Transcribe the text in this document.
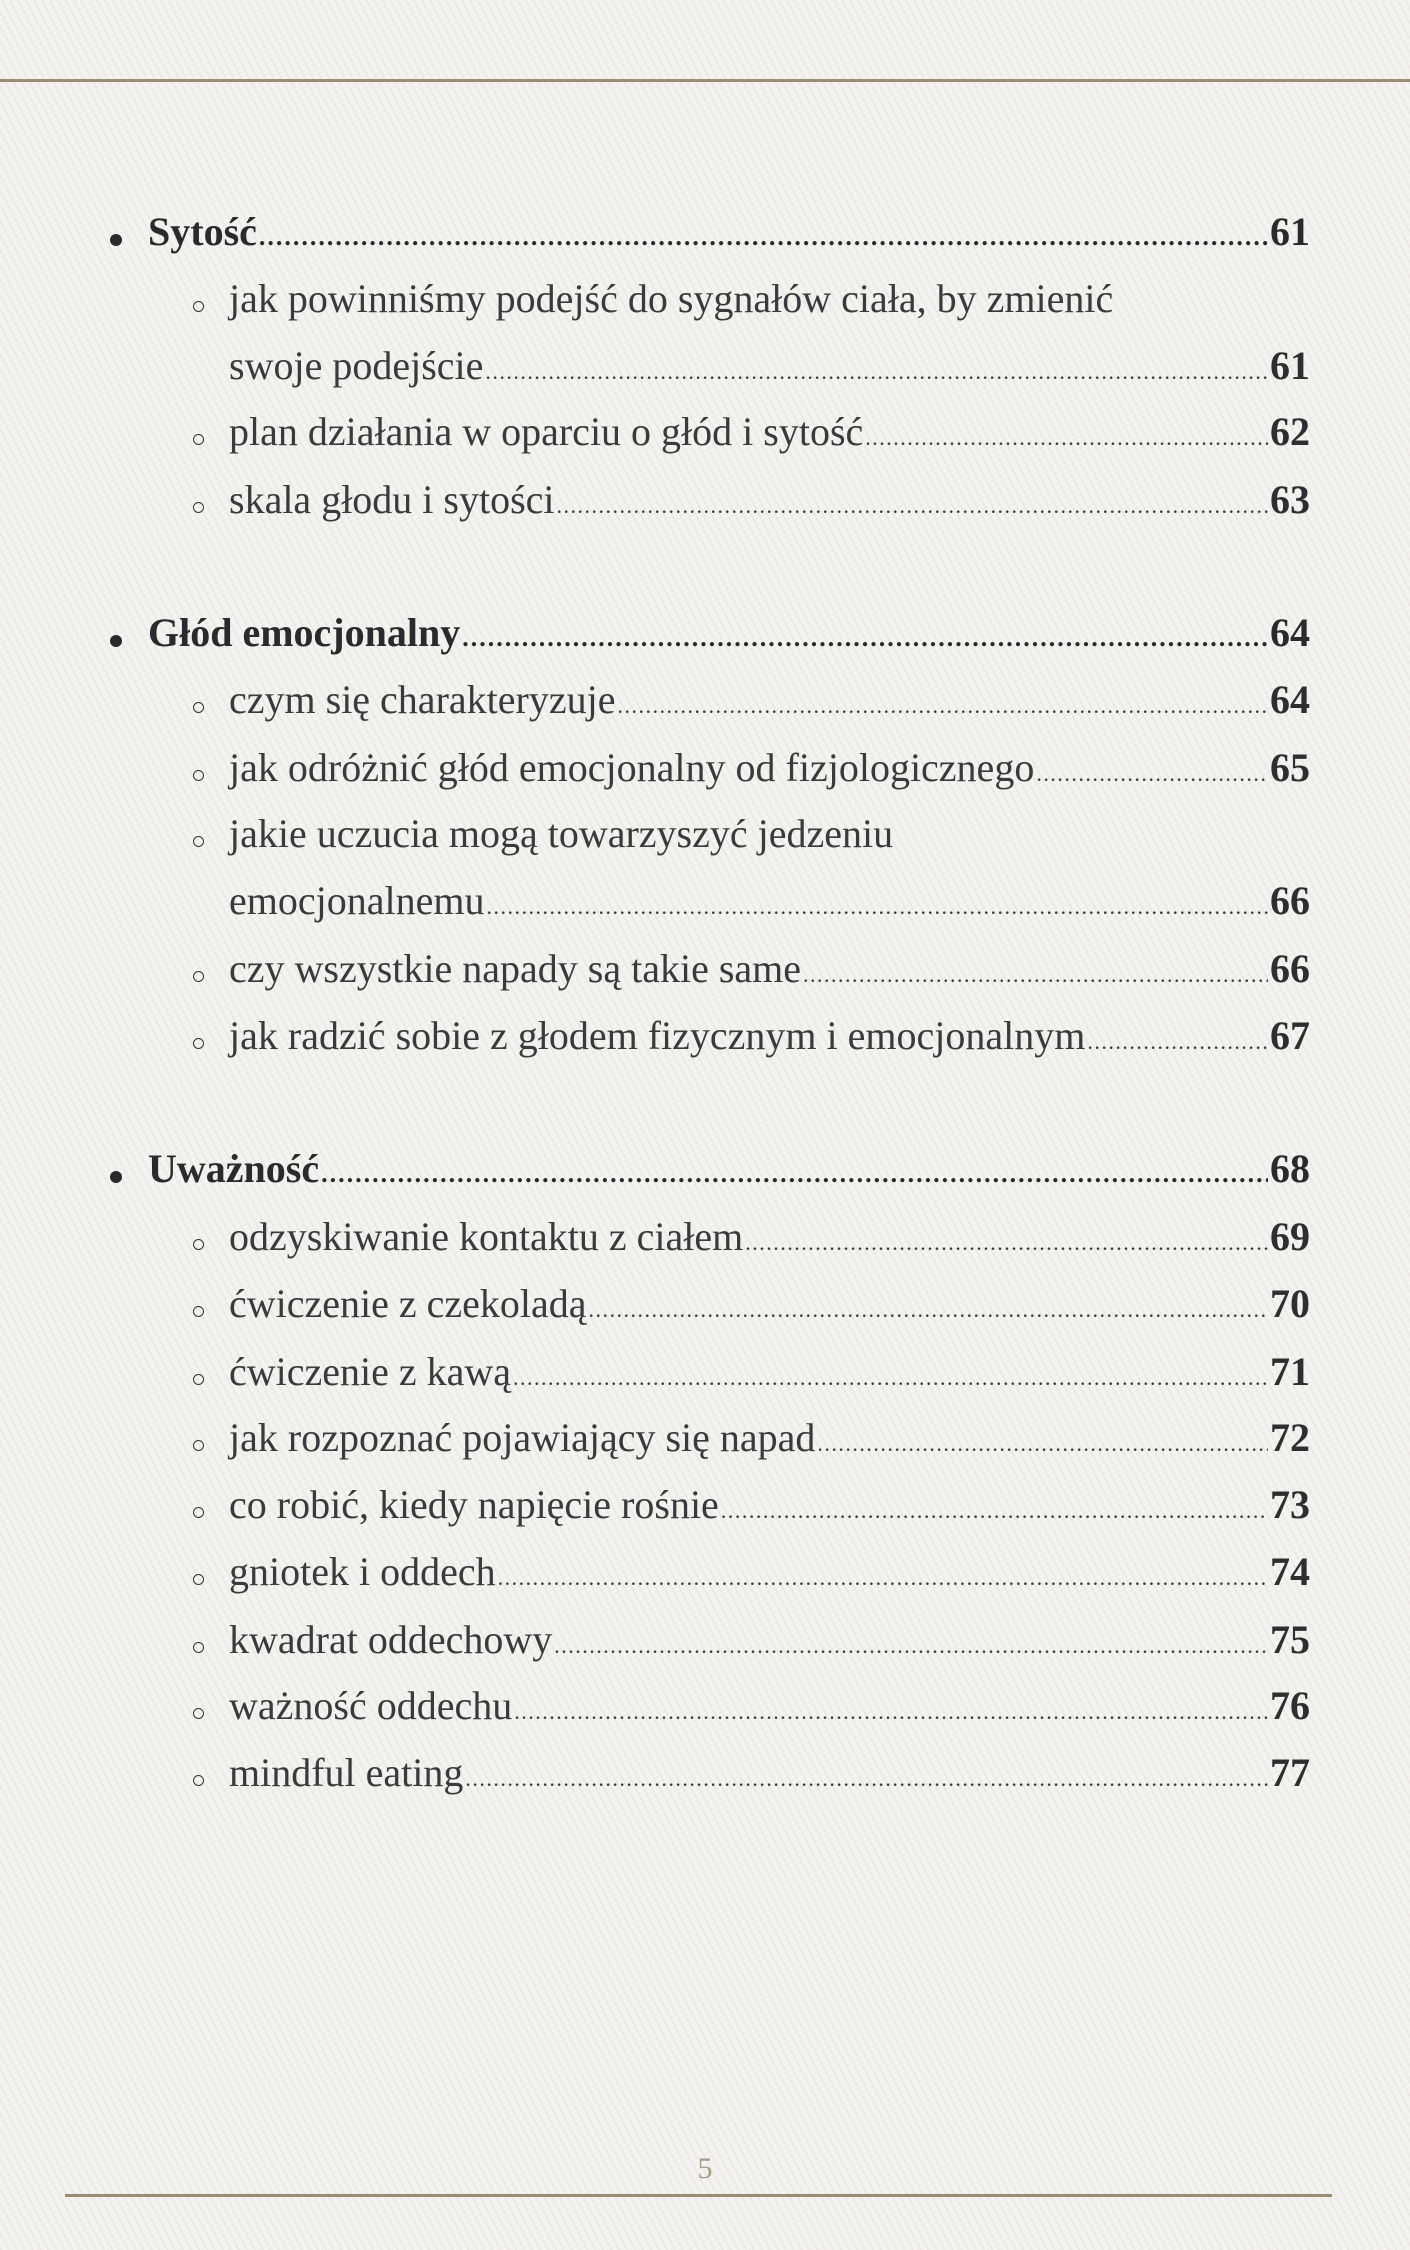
Sytość .....	61
jak powinniśmy podejść do sygnałów ciała, by zmienić
swoje podejście .....	61
plan działania w oparciu o głód i sytość .....	62
skala głodu i sytości .....	63
Głód emocjonalny .....	64
czym się charakteryzuje .....	64
jak odróżnić głód emocjonalny od fizjologicznego .....	65
jakie uczucia mogą towarzyszyć jedzeniu
emocjonalnemu .....	66
czy wszystkie napady są takie same .....	66
jak radzić sobie z głodem fizycznym i emocjonalnym .....	67
Uważność .....	68
odzyskiwanie kontaktu z ciałem .....	69
ćwiczenie z czekoladą .....	70
ćwiczenie z kawą .....	71
jak rozpoznać pojawiający się napad .....	72
co robić, kiedy napięcie rośnie .....	73
gniotek i oddech .....	74
kwadrat oddechowy .....	75
ważność oddechu .....	76
mindful eating .....	77
5
